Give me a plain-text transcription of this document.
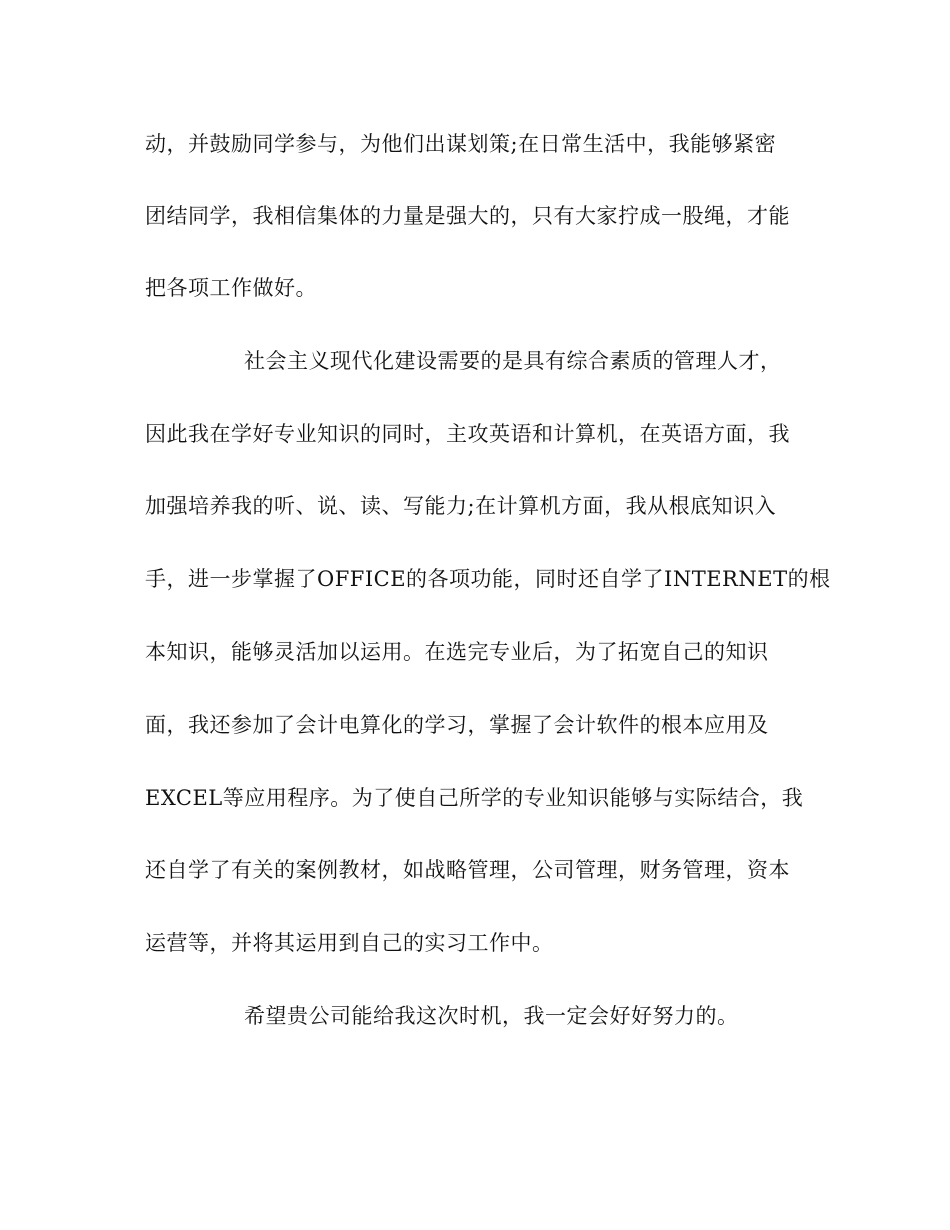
动，并鼓励同学参与，为他们出谋划策;在日常生活中，我能够紧密
团结同学，我相信集体的力量是强大的，只有大家拧成一股绳，才能
把各项工作做好。
社会主义现代化建设需要的是具有综合素质的管理人才，
因此我在学好专业知识的同时，主攻英语和计算机，在英语方面，我
加强培养我的听、说、读、写能力;在计算机方面，我从根底知识入
手，进一步掌握了OFFICE的各项功能，同时还自学了INTERNET的根
本知识，能够灵活加以运用。在选完专业后，为了拓宽自己的知识
面，我还参加了会计电算化的学习，掌握了会计软件的根本应用及
EXCEL等应用程序。为了使自己所学的专业知识能够与实际结合，我
还自学了有关的案例教材，如战略管理，公司管理，财务管理，资本
运营等，并将其运用到自己的实习工作中。
希望贵公司能给我这次时机，我一定会好好努力的。
